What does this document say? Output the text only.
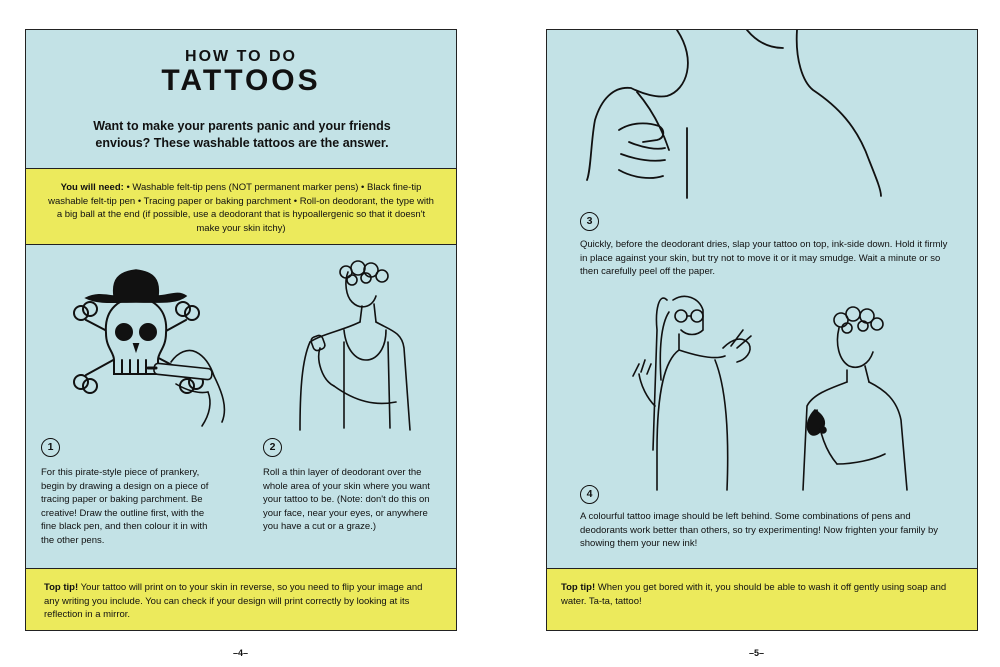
HOW TO DO
TATTOOS
Want to make your parents panic and your friends envious? These washable tattoos are the answer.
You will need: • Washable felt-tip pens (NOT permanent marker pens) • Black fine-tip washable felt-tip pen • Tracing paper or baking parchment • Roll-on deodorant, the type with a big ball at the end (if possible, use a deodorant that is hypoallergenic so that it doesn't make your skin itchy)
1
For this pirate-style piece of prankery, begin by drawing a design on a piece of tracing paper or baking parchment. Be creative! Draw the outline first, with the fine black pen, and then colour it in with the other pens.
2
Roll a thin layer of deodorant over the whole area of your skin where you want your tattoo to be. (Note: don't do this on your face, near your eyes, or anywhere you have a cut or a graze.)
Top tip! Your tattoo will print on to your skin in reverse, so you need to flip your image and any writing you include. You can check if your design will print correctly by looking at its reflection in a mirror.
3
Quickly, before the deodorant dries, slap your tattoo on top, ink-side down. Hold it firmly in place against your skin, but try not to move it or it may smudge. Wait a minute or so then carefully peel off the paper.
4
A colourful tattoo image should be left behind. Some combinations of pens and deodorants work better than others, so try experimenting! Now frighten your family by showing them your new ink!
Top tip! When you get bored with it, you should be able to wash it off gently using soap and water. Ta-ta, tattoo!
–4–	–5–
